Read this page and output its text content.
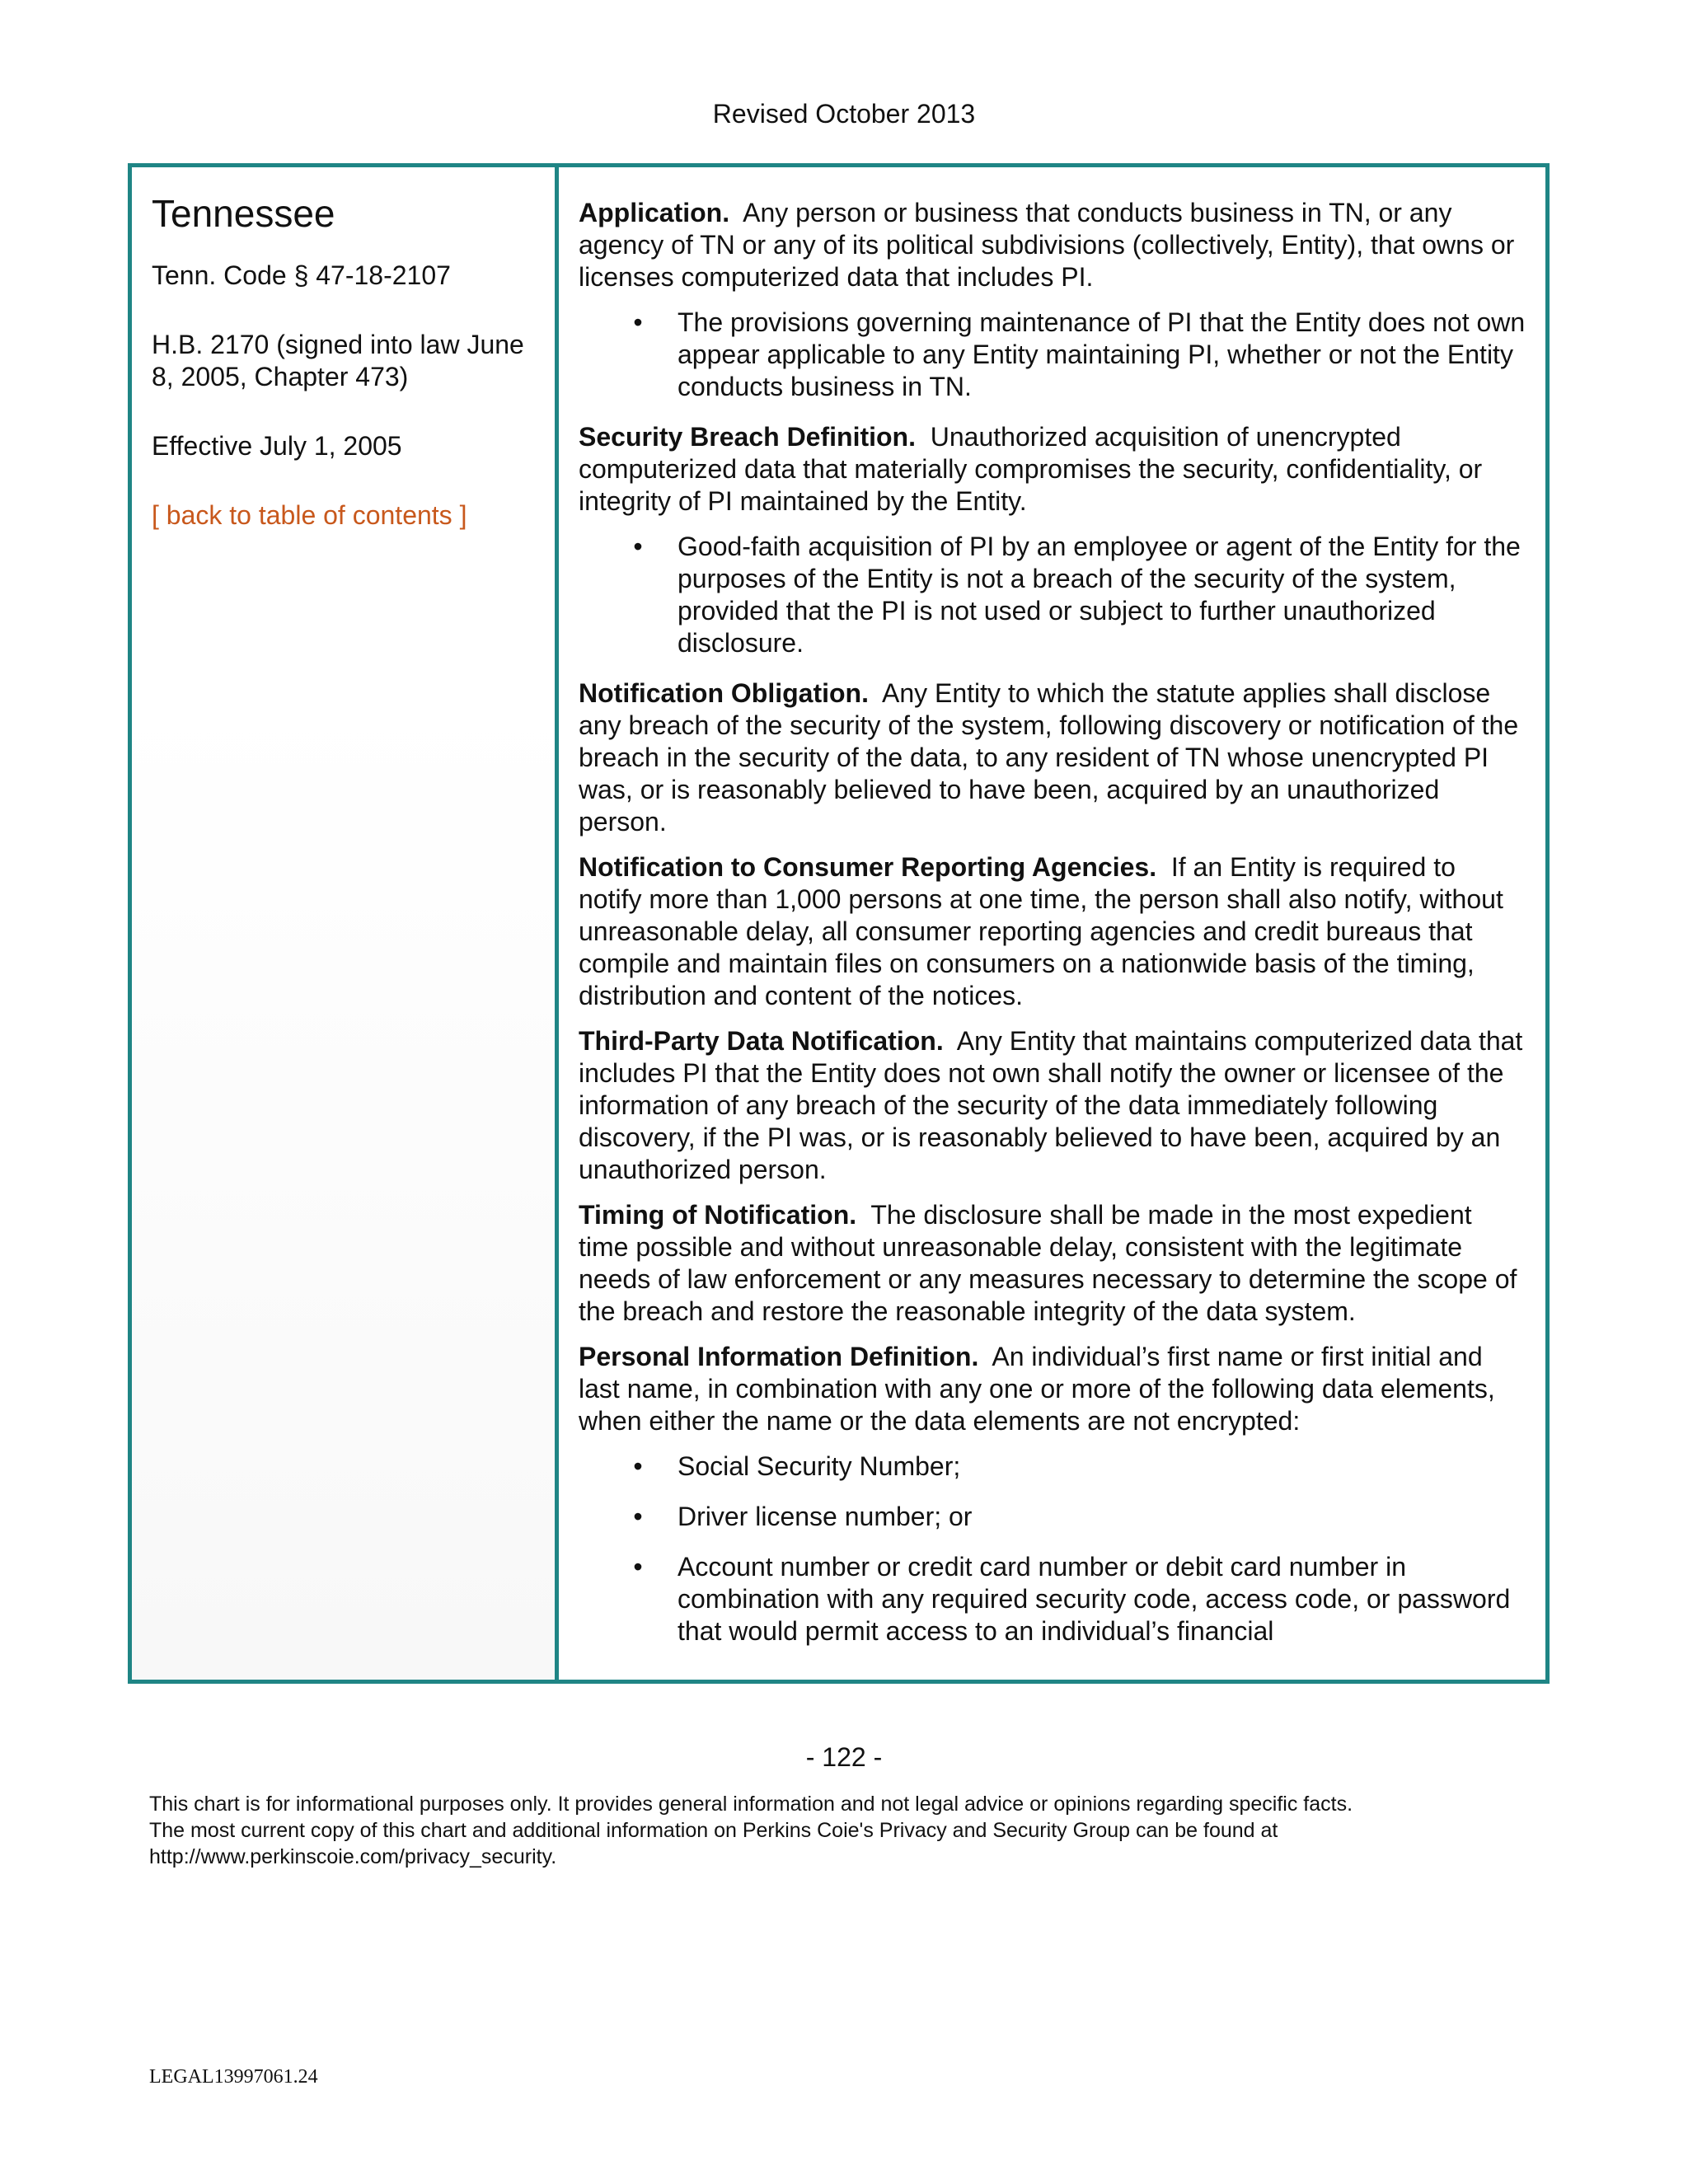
Revised October 2013
Tennessee

Tenn. Code § 47-18-2107

H.B. 2170 (signed into law June 8, 2005, Chapter 473)

Effective July 1, 2005

[ back to table of contents ]

Application. Any person or business that conducts business in TN, or any agency of TN or any of its political subdivisions (collectively, Entity), that owns or licenses computerized data that includes PI.

• The provisions governing maintenance of PI that the Entity does not own appear applicable to any Entity maintaining PI, whether or not the Entity conducts business in TN.

Security Breach Definition. Unauthorized acquisition of unencrypted computerized data that materially compromises the security, confidentiality, or integrity of PI maintained by the Entity.

• Good-faith acquisition of PI by an employee or agent of the Entity for the purposes of the Entity is not a breach of the security of the system, provided that the PI is not used or subject to further unauthorized disclosure.

Notification Obligation. Any Entity to which the statute applies shall disclose any breach of the security of the system, following discovery or notification of the breach in the security of the data, to any resident of TN whose unencrypted PI was, or is reasonably believed to have been, acquired by an unauthorized person.

Notification to Consumer Reporting Agencies. If an Entity is required to notify more than 1,000 persons at one time, the person shall also notify, without unreasonable delay, all consumer reporting agencies and credit bureaus that compile and maintain files on consumers on a nationwide basis of the timing, distribution and content of the notices.

Third-Party Data Notification. Any Entity that maintains computerized data that includes PI that the Entity does not own shall notify the owner or licensee of the information of any breach of the security of the data immediately following discovery, if the PI was, or is reasonably believed to have been, acquired by an unauthorized person.

Timing of Notification. The disclosure shall be made in the most expedient time possible and without unreasonable delay, consistent with the legitimate needs of law enforcement or any measures necessary to determine the scope of the breach and restore the reasonable integrity of the data system.

Personal Information Definition. An individual’s first name or first initial and last name, in combination with any one or more of the following data elements, when either the name or the data elements are not encrypted:

• Social Security Number;
• Driver license number; or
• Account number or credit card number or debit card number in combination with any required security code, access code, or password that would permit access to an individual’s financial
- 122 -
This chart is for informational purposes only. It provides general information and not legal advice or opinions regarding specific facts.
The most current copy of this chart and additional information on Perkins Coie's Privacy and Security Group can be found at
http://www.perkinscoie.com/privacy_security.
LEGAL13997061.24
